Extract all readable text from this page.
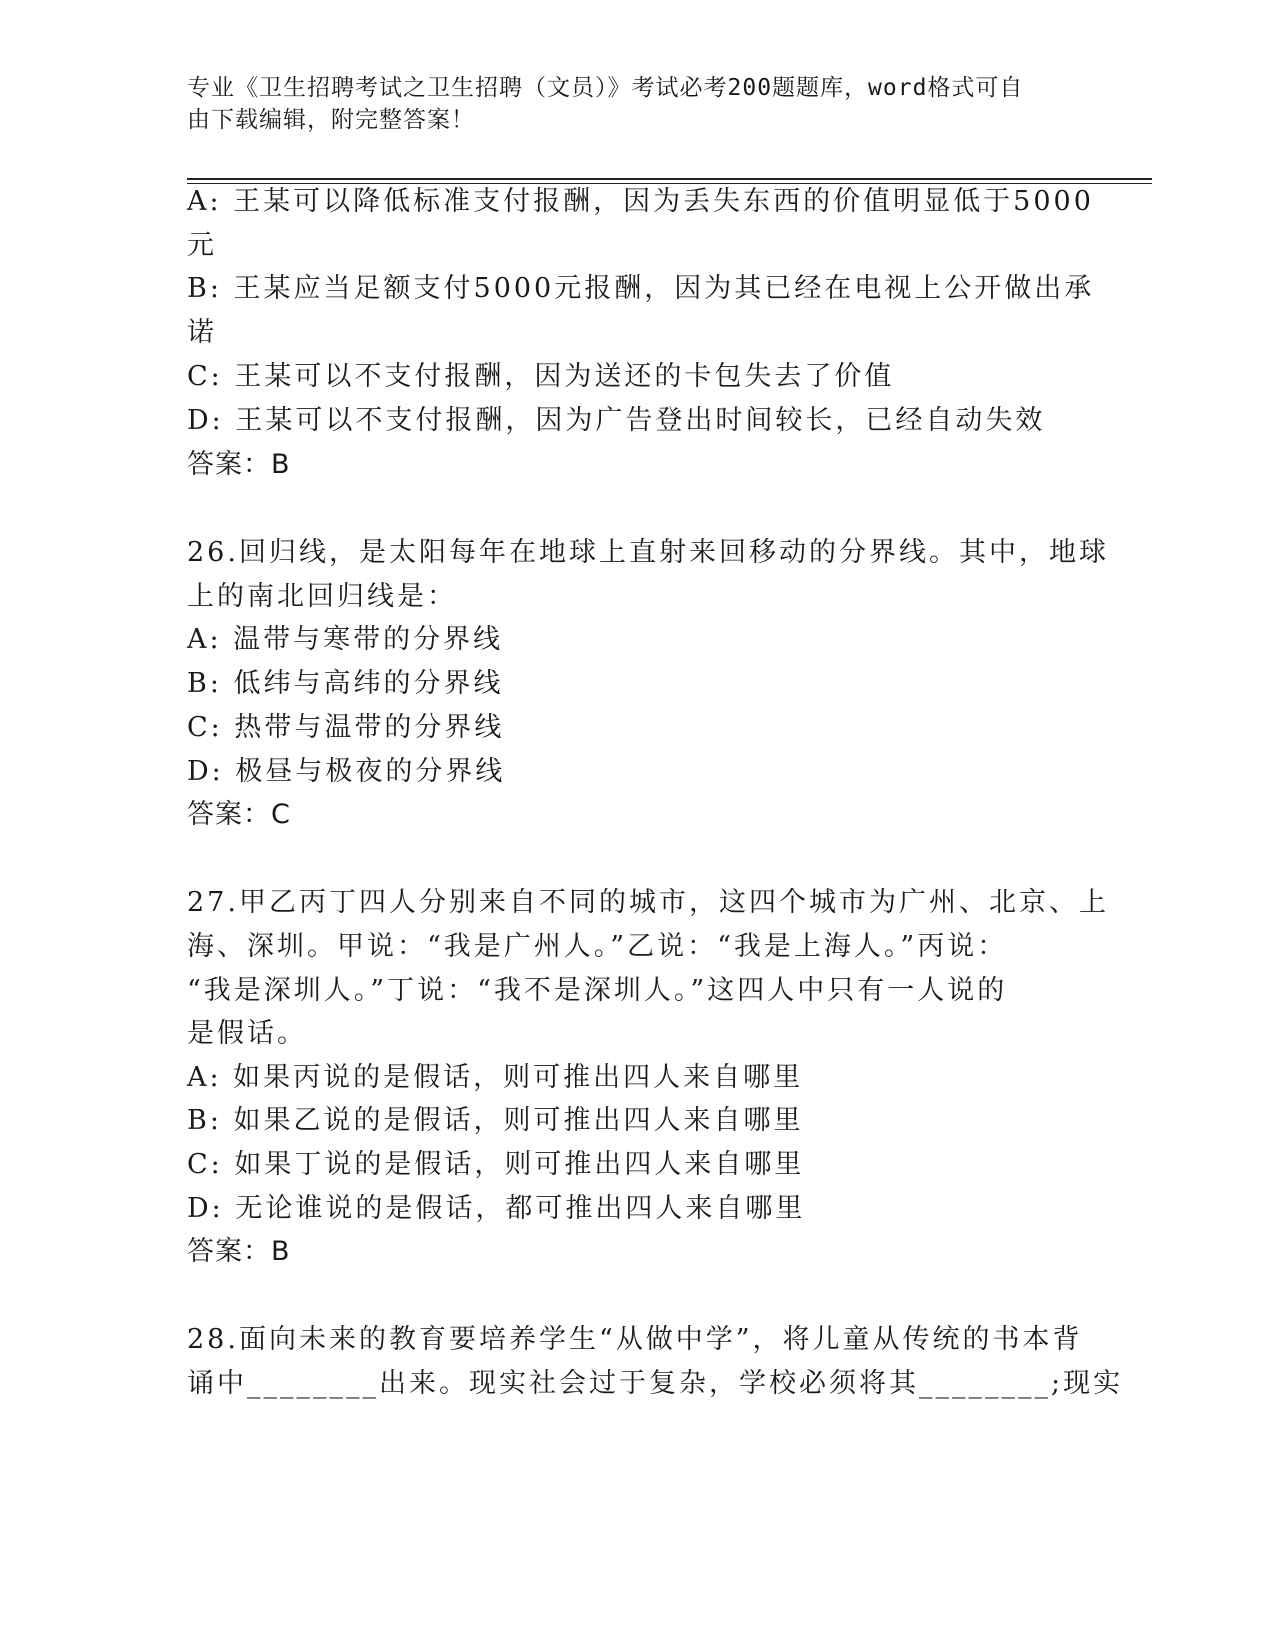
专业《卫生招聘考试之卫生招聘（文员）》考试必考200题题库，word格式可自
由下载编辑，附完整答案！
A: 王某可以降低标准支付报酬，因为丢失东西的价值明显低于5000
元
B: 王某应当足额支付5000元报酬，因为其已经在电视上公开做出承
诺
C: 王某可以不支付报酬，因为送还的卡包失去了价值
D: 王某可以不支付报酬，因为广告登出时间较长，已经自动失效
答案：B
26.回归线，是太阳每年在地球上直射来回移动的分界线。其中，地球
上的南北回归线是：
A: 温带与寒带的分界线
B: 低纬与高纬的分界线
C: 热带与温带的分界线
D: 极昼与极夜的分界线
答案：C
27.甲乙丙丁四人分别来自不同的城市，这四个城市为广州、北京、上
海、深圳。甲说：“我是广州人。”乙说：“我是上海人。”丙说：
“我是深圳人。”丁说：“我不是深圳人。”这四人中只有一人说的
是假话。
A: 如果丙说的是假话，则可推出四人来自哪里
B: 如果乙说的是假话，则可推出四人来自哪里
C: 如果丁说的是假话，则可推出四人来自哪里
D: 无论谁说的是假话，都可推出四人来自哪里
答案：B
28.面向未来的教育要培养学生“从做中学”，将儿童从传统的书本背
诵中________出来。现实社会过于复杂，学校必须将其________;现实
